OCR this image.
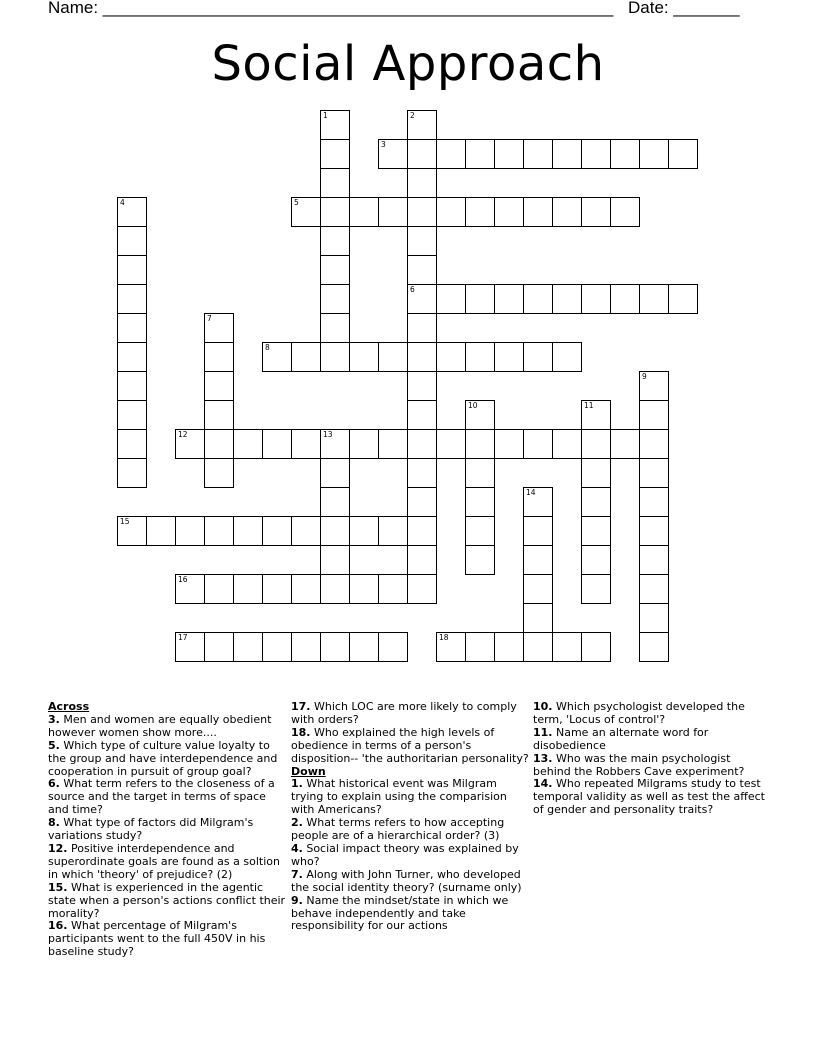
Name: ______________________________________________________ Date: _______
Social Approach
1	2
3
4	5
6
7
8
9
10	11
12	13
14
15
16
17	18

Across

3. Men and women are equally obedient however women show more....

5. Which type of culture value loyalty to the group and have interdependence and cooperation in pursuit of group goal?

6. What term refers to the closeness of a source and the target in terms of space and time?

8. What type of factors did Milgram's variations study?

12. Positive interdependence and superordinate goals are found as a soltion in which 'theory' of prejudice? (2)

15. What is experienced in the agentic state when a person's actions conflict their morality?

16. What percentage of Milgram's participants went to the full 450V in his baseline study?

17. Which LOC are more likely to comply with orders?

18. Who explained the high levels of obedience in terms of a person's disposition-- 'the authoritarian personality?

Down

1. What historical event was Milgram trying to explain using the comparision with Americans?

2. What terms refers to how accepting people are of a hierarchical order? (3)

4. Social impact theory was explained by who?

7. Along with John Turner, who developed the social identity theory? (surname only)

9. Name the mindset/state in which we behave independently and take responsibility for our actions

10. Which psychologist developed the term, 'Locus of control'?

11. Name an alternate word for disobedience

13. Who was the main psychologist behind the Robbers Cave experiment?

14. Who repeated Milgrams study to test temporal validity as well as test the affect of gender and personality traits?
